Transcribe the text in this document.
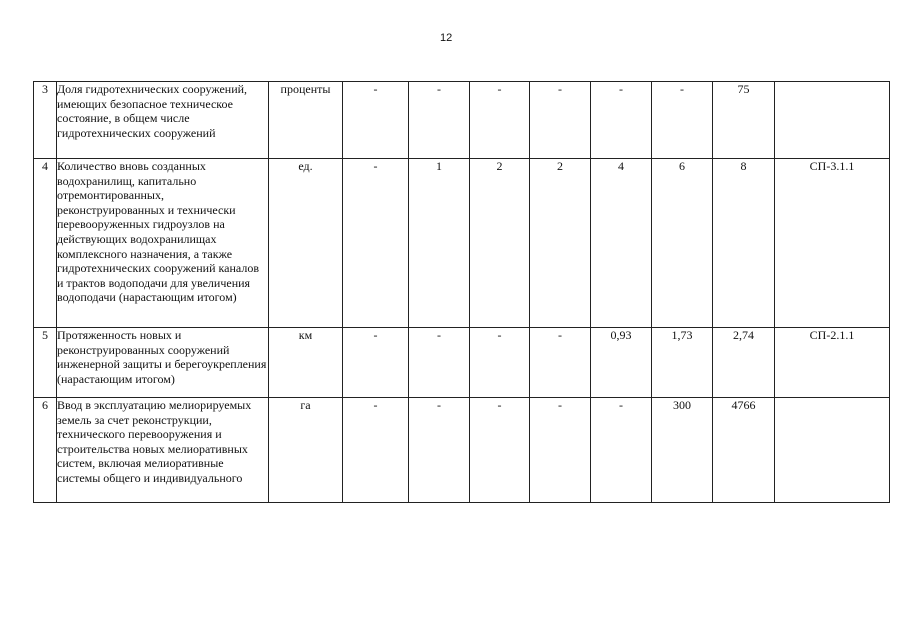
12
3	Доля гидротехнических сооружений, имеющих безопасное техническое состояние, в общем числе гидротехнических сооружений	проценты	-	-	-	-	-	-	75	
4	Количество вновь созданных водохранилищ, капитально отремонтированных, реконструированных и технически перевооруженных гидроузлов на действующих водохранилищах комплексного назначения, а также гидротехнических сооружений каналов и трактов водоподачи для увеличения водоподачи (нарастающим итогом)	ед.	-	1	2	2	4	6	8	СП-3.1.1
5	Протяженность новых и реконструированных сооружений инженерной защиты и берегоукрепления (нарастающим итогом)	км	-	-	-	-	0,93	1,73	2,74	СП-2.1.1
6	Ввод в эксплуатацию мелиорируемых земель за счет реконструкции, технического перевооружения и строительства новых мелиоративных систем, включая мелиоративные системы общего и индивидуального	га	-	-	-	-	-	300	4766	
